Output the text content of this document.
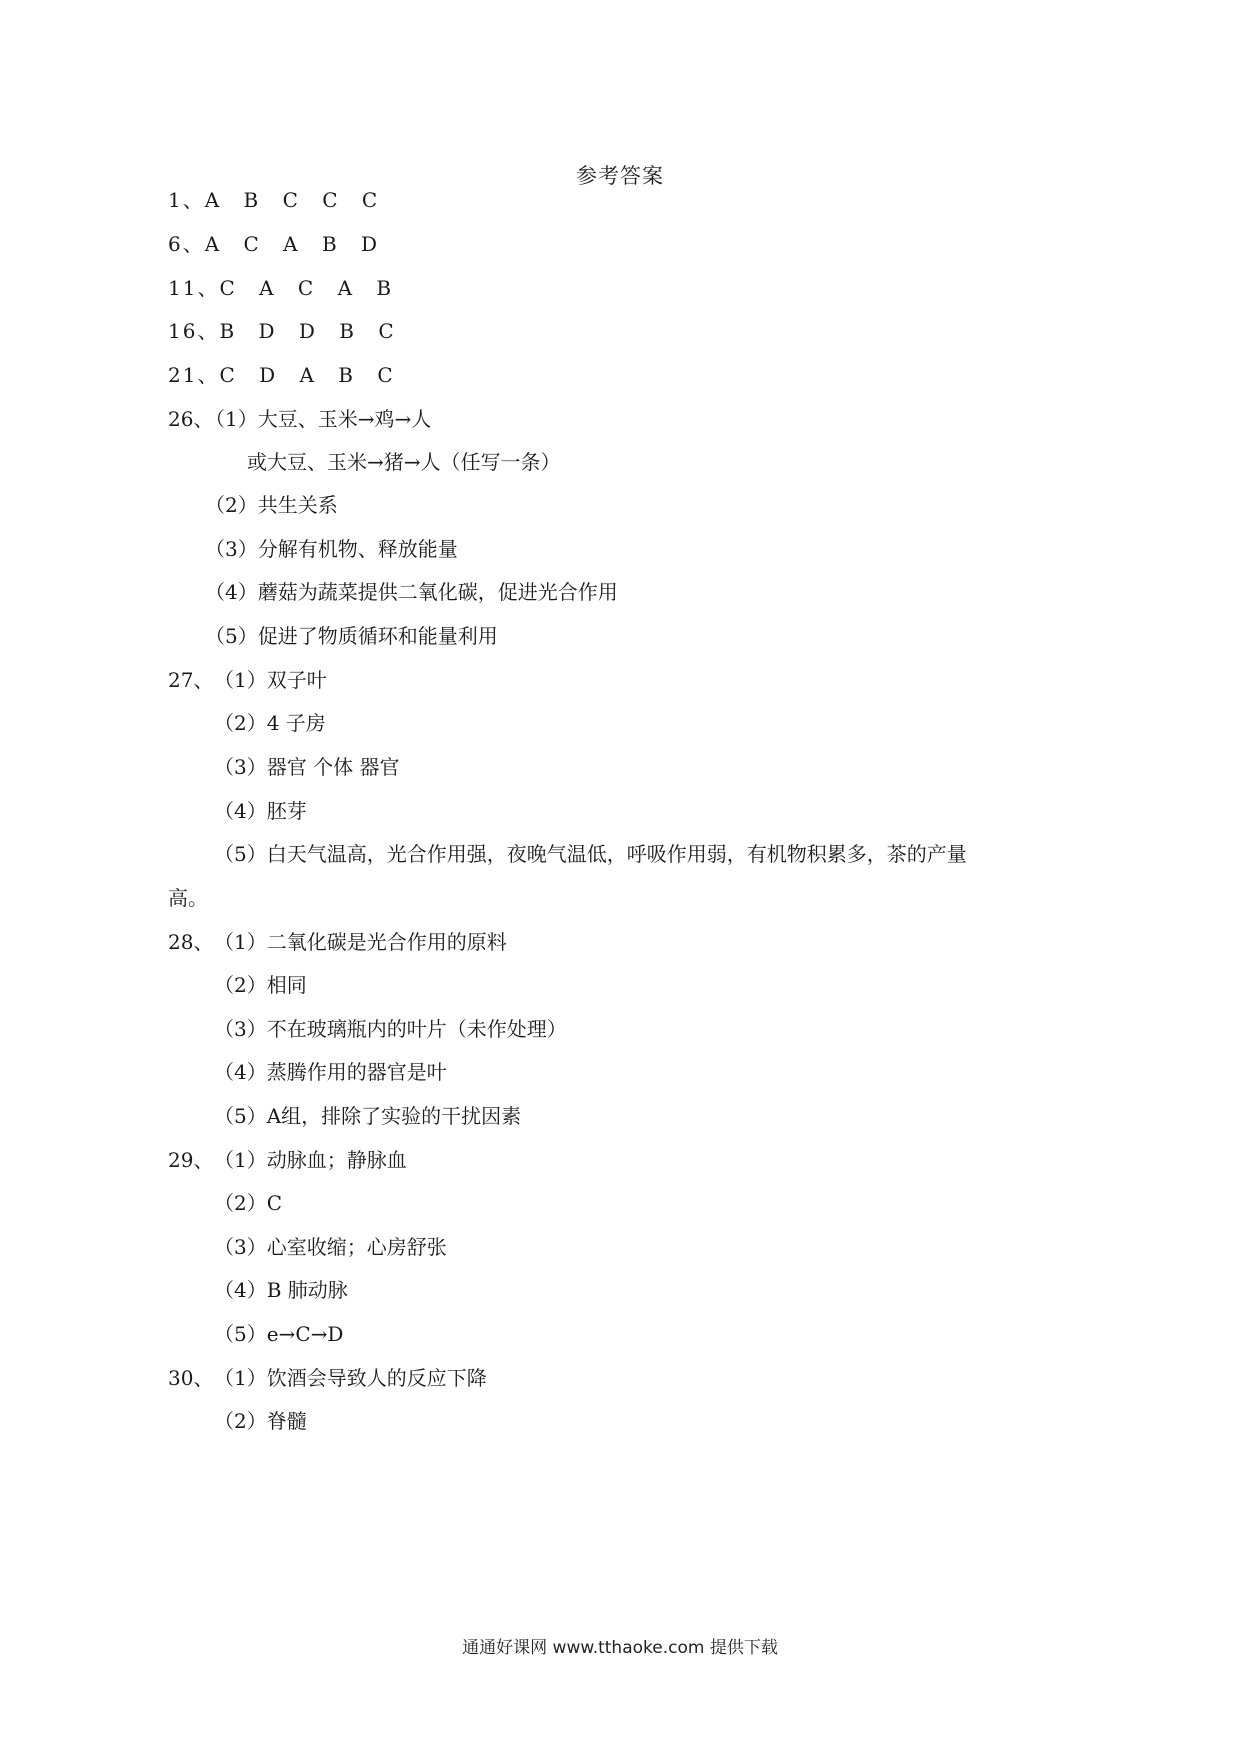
参考答案
1、A B C C C
6、A C A B D
11、C A C A B
16、B D D B C
21、C D A B C
26、
（1）大豆、玉米→鸡→人
或大豆、玉米→猪→人（任写一条）
（2）共生关系
（3）分解有机物、释放能量
（4）蘑菇为蔬菜提供二氧化碳，促进光合作用
（5）促进了物质循环和能量利用
27、 （1）双子叶
（2）4 子房
（3）器官 个体 器官
（4）胚芽
（5）白天气温高，光合作用强，夜晚气温低，呼吸作用弱，有机物积累多，茶的产量
高。
28、 （1）二氧化碳是光合作用的原料
（2）相同
（3）不在玻璃瓶内的叶片（未作处理）
（4）蒸腾作用的器官是叶
（5）A组，排除了实验的干扰因素
29、 （1）动脉血；静脉血
（2）C
（3）心室收缩；心房舒张
（4）B 肺动脉
（5）e→C→D
30、 （1）饮酒会导致人的反应下降
（2）脊髓
通通好课网 www.tthaoke.com 提供下载
